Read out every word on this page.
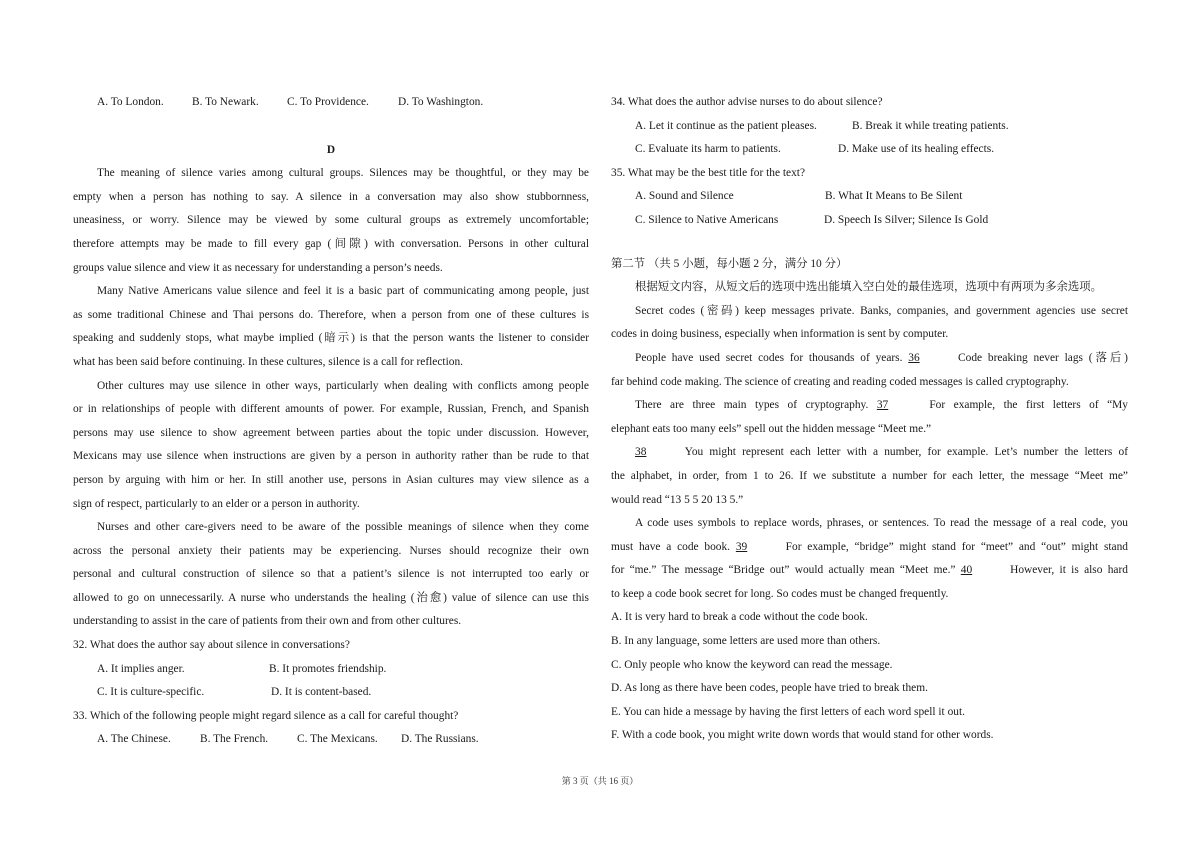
A. To London.	B. To Newark.	C. To Providence.	D. To Washington.
D
The meaning of silence varies among cultural groups. Silences may be thoughtful, or they may be
empty when a person has nothing to say. A silence in a conversation may also show stubbornness,
uneasiness, or worry. Silence may be viewed by some cultural groups as extremely uncomfortable;
therefore attempts may be made to fill every gap (间隙) with conversation. Persons in other cultural
groups value silence and view it as necessary for understanding a person’s needs.
Many Native Americans value silence and feel it is a basic part of communicating among people, just
as some traditional Chinese and Thai persons do. Therefore, when a person from one of these cultures is
speaking and suddenly stops, what maybe implied (暗示) is that the person wants the listener to consider
what has been said before continuing. In these cultures, silence is a call for reflection.
Other cultures may use silence in other ways, particularly when dealing with conflicts among people
or in relationships of people with different amounts of power. For example, Russian, French, and Spanish
persons may use silence to show agreement between parties about the topic under discussion. However,
Mexicans may use silence when instructions are given by a person in authority rather than be rude to that
person by arguing with him or her. In still another use, persons in Asian cultures may view silence as a
sign of respect, particularly to an elder or a person in authority.
Nurses and other care-givers need to be aware of the possible meanings of silence when they come
across the personal anxiety their patients may be experiencing. Nurses should recognize their own
personal and cultural construction of silence so that a patient’s silence is not interrupted too early or
allowed to go on unnecessarily. A nurse who understands the healing (治愈) value of silence can use this
understanding to assist in the care of patients from their own and from other cultures.
32. What does the author say about silence in conversations?
A. It implies anger.	B. It promotes friendship.
C. It is culture-specific.	D. It is content-based.
33. Which of the following people might regard silence as a call for careful thought?
A. The Chinese.	B. The French.	C. The Mexicans.	D. The Russians.
34. What does the author advise nurses to do about silence?
A. Let it continue as the patient pleases.	B. Break it while treating patients.
C. Evaluate its harm to patients.	D. Make use of its healing effects.
35. What may be the best title for the text?
A. Sound and Silence	B. What It Means to Be Silent
C. Silence to Native Americans	D. Speech Is Silver; Silence Is Gold
第二节 （共 5 小题，每小题 2 分，满分 10 分）
根据短文内容，从短文后的选项中选出能填入空白处的最佳选项，选项中有两项为多余选项。
Secret codes (密码) keep messages private. Banks, companies, and government agencies use secret
codes in doing business, especially when information is sent by computer.
People have used secret codes for thousands of years. 36	Code breaking never lags (落后)
far behind code making. The science of creating and reading coded messages is called cryptography.
There are three main types of cryptography. 37	For example, the first letters of “My
elephant eats too many eels” spell out the hidden message “Meet me.”
38	You might represent each letter with a number, for example. Let’s number the letters of
the alphabet, in order, from 1 to 26. If we substitute a number for each letter, the message “Meet me”
would read “13 5 5 20 13 5.”
A code uses symbols to replace words, phrases, or sentences. To read the message of a real code, you
must have a code book. 39	For example, “bridge” might stand for “meet” and “out” might stand
for “me.” The message “Bridge out” would actually mean “Meet me.” 40	However, it is also hard
to keep a code book secret for long. So codes must be changed frequently.
A. It is very hard to break a code without the code book.
B. In any language, some letters are used more than others.
C. Only people who know the keyword can read the message.
D. As long as there have been codes, people have tried to break them.
E. You can hide a message by having the first letters of each word spell it out.
F. With a code book, you might write down words that would stand for other words.
第 3 页（共 16 页）
